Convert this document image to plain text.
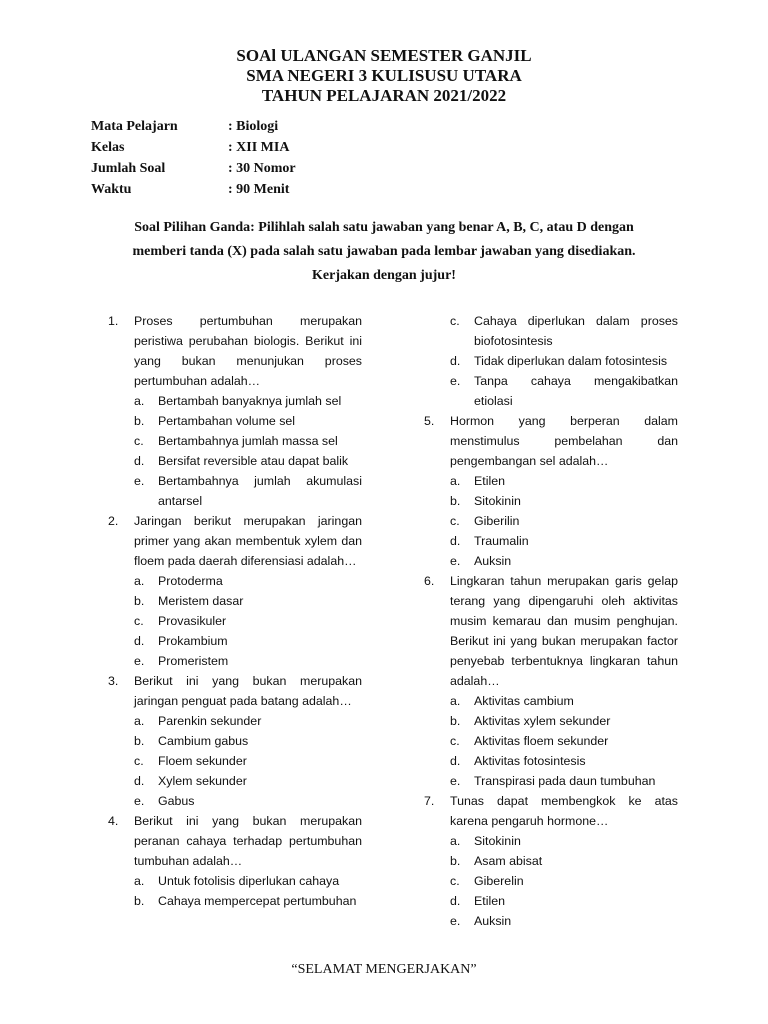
SOAl ULANGAN SEMESTER GANJIL
SMA NEGERI 3 KULISUSU UTARA
TAHUN PELAJARAN 2021/2022
Mata Pelajarn	: Biologi
Kelas	: XII MIA
Jumlah Soal	: 30 Nomor
Waktu	: 90 Menit
Soal Pilihan Ganda: Pilihlah salah satu jawaban yang benar A, B, C, atau D dengan
memberi tanda (X) pada salah satu jawaban pada lembar jawaban yang disediakan.
Kerjakan dengan jujur!
1.	Proses pertumbuhan merupakan peristiwa perubahan biologis. Berikut ini yang bukan menunjukan proses pertumbuhan adalah…
a. Bertambah banyaknya jumlah sel
b. Pertambahan volume sel
c. Bertambahnya jumlah massa sel
d. Bersifat reversible atau dapat balik
e. Bertambahnya jumlah akumulasi antarsel
2.	Jaringan berikut merupakan jaringan primer yang akan membentuk xylem dan floem pada daerah diferensiasi adalah…
a. Protoderma
b. Meristem dasar
c. Provasikuler
d. Prokambium
e. Promeristem
3.	Berikut ini yang bukan merupakan jaringan penguat pada batang adalah…
a. Parenkin sekunder
b. Cambium gabus
c. Floem sekunder
d. Xylem sekunder
e. Gabus
4.	Berikut ini yang bukan merupakan peranan cahaya terhadap pertumbuhan tumbuhan adalah…
a. Untuk fotolisis diperlukan cahaya
b. Cahaya mempercepat pertumbuhan
c. Cahaya diperlukan dalam proses biofotosintesis
d. Tidak diperlukan dalam fotosintesis
e. Tanpa cahaya mengakibatkan etiolasi
5.	Hormon yang berperan dalam menstimulus pembelahan dan pengembangan sel adalah…
a. Etilen
b. Sitokinin
c. Giberilin
d. Traumalin
e. Auksin
6.	Lingkaran tahun merupakan garis gelap terang yang dipengaruhi oleh aktivitas musim kemarau dan musim penghujan. Berikut ini yang bukan merupakan factor penyebab terbentuknya lingkaran tahun adalah…
a. Aktivitas cambium
b. Aktivitas xylem sekunder
c. Aktivitas floem sekunder
d. Aktivitas fotosintesis
e. Transpirasi pada daun tumbuhan
7.	Tunas dapat membengkok ke atas karena pengaruh hormone…
a. Sitokinin
b. Asam abisat
c. Giberelin
d. Etilen
e. Auksin
“SELAMAT MENGERJAKAN”
